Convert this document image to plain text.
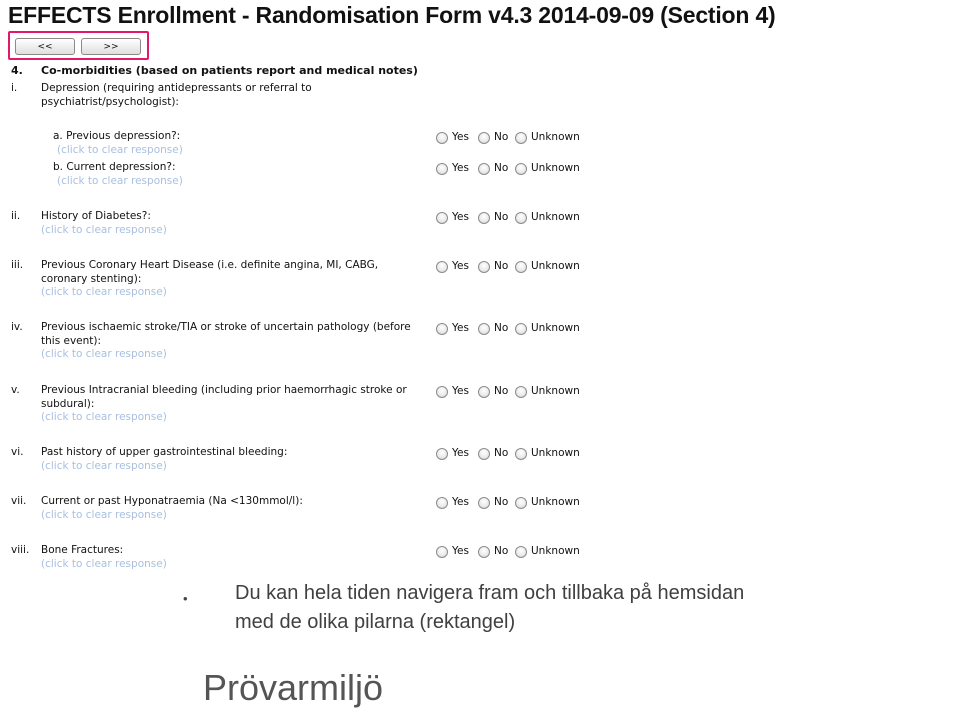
EFFECTS Enrollment - Randomisation Form v4.3 2014-09-09 (Section 4)
<<	>>
4. Co-morbidities (based on patients report and medical notes)
i. Depression (requiring antidepressants or referral to psychiatrist/psychologist):
a. Previous depression?:
(click to clear response)
Yes No Unknown
b. Current depression?:
(click to clear response)
Yes No Unknown
ii. History of Diabetes?:
(click to clear response)
Yes No Unknown
iii. Previous Coronary Heart Disease (i.e. definite angina, MI, CABG, coronary stenting):
(click to clear response)
Yes No Unknown
iv. Previous ischaemic stroke/TIA or stroke of uncertain pathology (before this event):
(click to clear response)
Yes No Unknown
v. Previous Intracranial bleeding (including prior haemorrhagic stroke or subdural):
(click to clear response)
Yes No Unknown
vi. Past history of upper gastrointestinal bleeding:
(click to clear response)
Yes No Unknown
vii. Current or past Hyponatraemia (Na <130mmol/l):
(click to clear response)
Yes No Unknown
viii. Bone Fractures:
(click to clear response)
Yes No Unknown
• Du kan hela tiden navigera fram och tillbaka på hemsidan med de olika pilarna (rektangel)
Prövarmiljö
